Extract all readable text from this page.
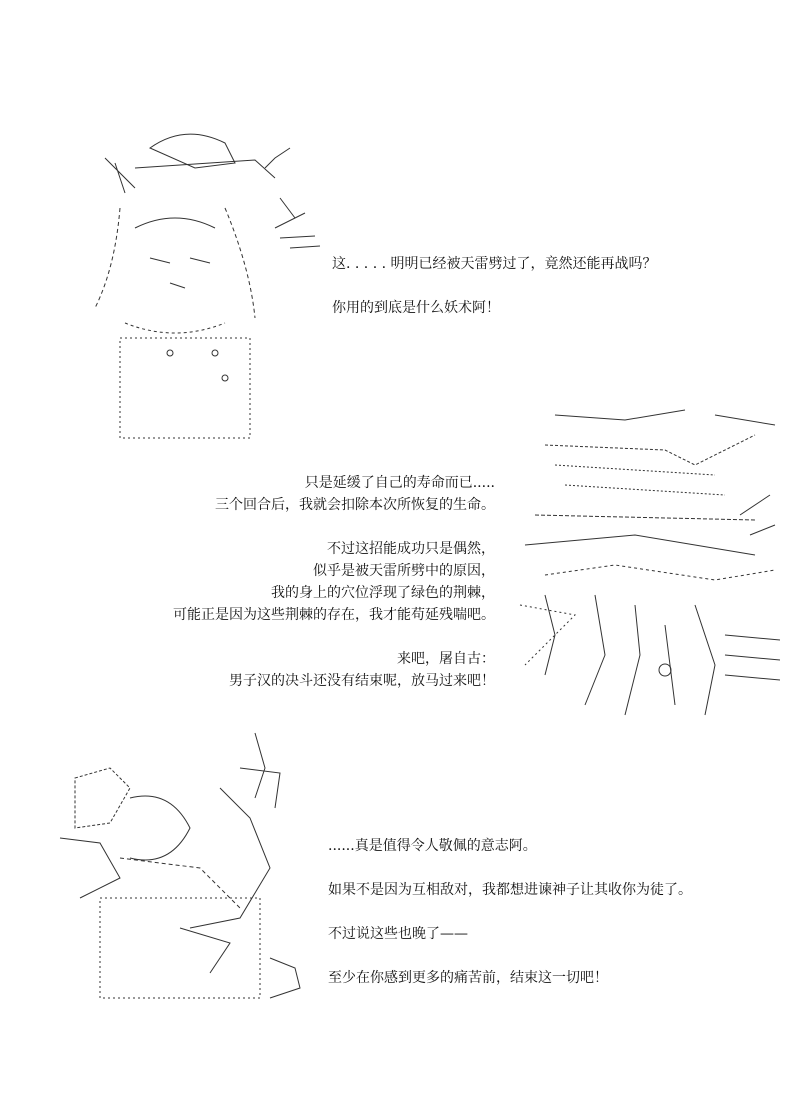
这. . . . . 明明已经被天雷劈过了，竟然还能再战吗？

你用的到底是什么妖术阿！

只是延缓了自己的寿命而已.....

三个回合后，我就会扣除本次所恢复的生命。

不过这招能成功只是偶然，

似乎是被天雷所劈中的原因，

我的身上的穴位浮现了绿色的荆棘，

可能正是因为这些荆棘的存在，我才能苟延残喘吧。

来吧，屠自古：

男子汉的决斗还没有结束呢，放马过来吧！

......真是值得令人敬佩的意志阿。

如果不是因为互相敌对，我都想进谏神子让其收你为徒了。

不过说这些也晚了——

至少在你感到更多的痛苦前，结束这一切吧！
